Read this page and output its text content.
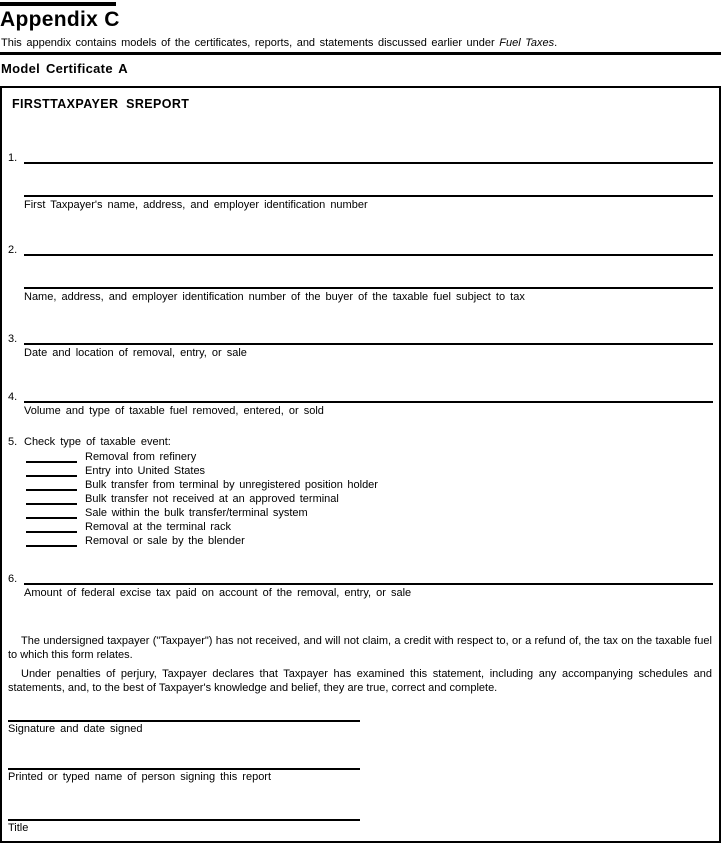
Appendix C
This appendix contains models of the certificates, reports, and statements discussed earlier under Fuel Taxes.
Model Certificate A
FIRSTTAXPAYER  SREPORT
1.
First Taxpayer's name, address, and employer identification number
2.
Name, address, and employer identification number of the buyer of the taxable fuel subject to tax
3.
Date and location of removal, entry, or sale
4.
Volume and type of taxable fuel removed, entered, or sold
5. Check type of taxable event:
Removal from refinery
Entry into United States
Bulk transfer from terminal by unregistered position holder
Bulk transfer not received at an approved terminal
Sale within the bulk transfer/terminal system
Removal at the terminal rack
Removal or sale by the blender
6.
Amount of federal excise tax paid on account of the removal, entry, or sale

The undersigned taxpayer ("Taxpayer") has not received, and will not claim, a credit with respect to, or a refund of, the tax on the taxable fuel to which this form relates.

Under penalties of perjury, Taxpayer declares that Taxpayer has examined this statement, including any accompanying schedules and statements, and, to the best of Taxpayer's knowledge and belief, they are true, correct and complete.

Signature and date signed
Printed or typed name of person signing this report
Title
